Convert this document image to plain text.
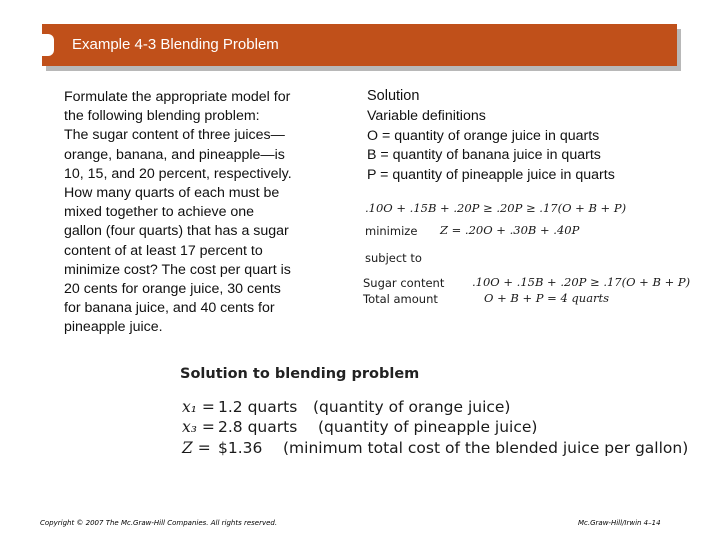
Example 4-3 Blending Problem
Formulate the appropriate model for
the following blending problem:
The sugar content of three juices—
orange, banana, and pineapple—is
10, 15, and 20 percent, respectively.
How many quarts of each must be
mixed together to achieve one
gallon (four quarts) that has a sugar
content of at least 17 percent to
minimize cost? The cost per quart is
20 cents for orange juice, 30 cents
for banana juice, and 40 cents for
pineapple juice.
Solution
Variable definitions
O = quantity of orange juice in quarts
B = quantity of banana juice in quarts
P = quantity of pineapple juice in quarts
.10O + .15B + .20P ≥ .20P ≥ .17(O + B + P)
minimize Z = .20O + .30B + .40P
subject to
Sugar content .10O + .15B + .20P ≥ .17(O + B + P)
Total amount	O + B + P = 4 quarts
Solution to blending problem
x₁ = 1.2 quarts (quantity of orange juice)
x₃ = 2.8 quarts (quantity of pineapple juice)
Z = $1.36 (minimum total cost of the blended juice per gallon)
Copyright © 2007 The Mc.Graw-Hill Companies. All rights reserved.	Mc.Graw-Hill/Irwin 4–14
